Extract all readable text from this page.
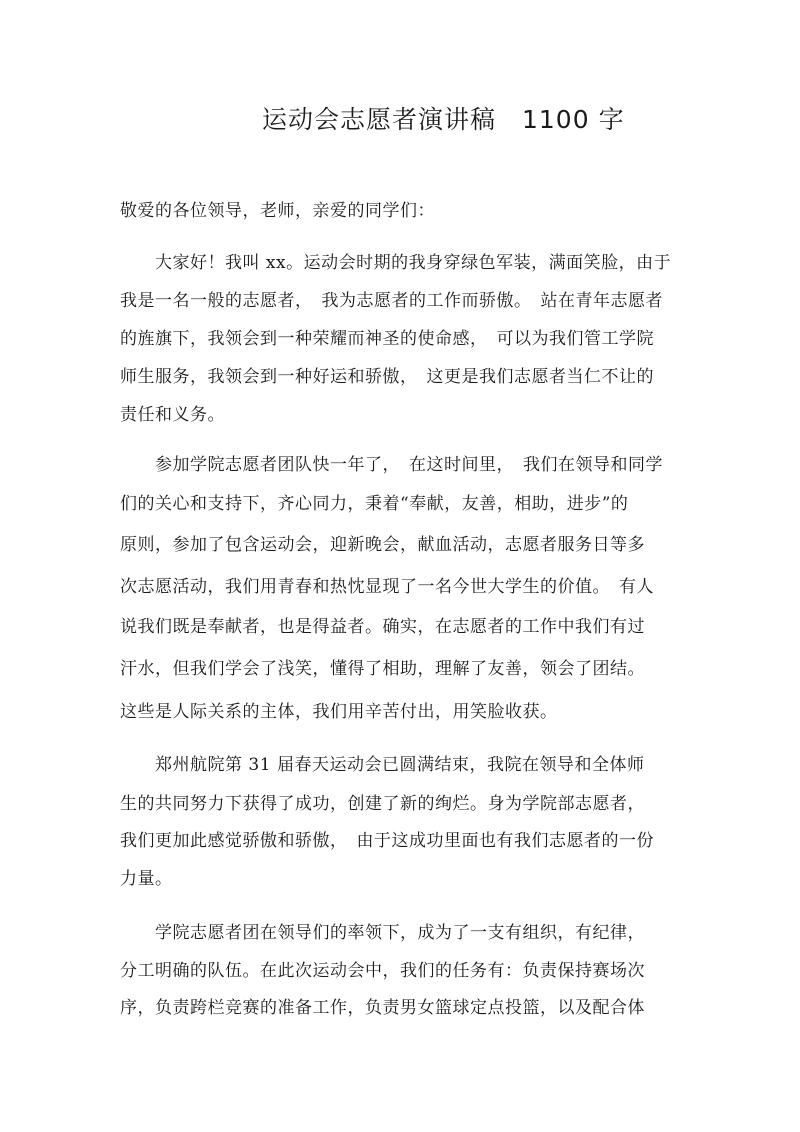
运动会志愿者演讲稿　1100 字
敬爱的各位领导，老师，亲爱的同学们：
大家好！我叫 xx。运动会时期的我身穿绿色军装，满面笑脸，由于
我是一名一般的志愿者，　我为志愿者的工作而骄傲。　站在青年志愿者
的旌旗下，我领会到一种荣耀而神圣的使命感，　可以为我们管工学院
师生服务，我领会到一种好运和骄傲，　这更是我们志愿者当仁不让的
责任和义务。
参加学院志愿者团队快一年了，　在这时间里，　我们在领导和同学
们的关心和支持下，齐心同力，秉着“奉献，友善，相助，进步”的
原则，参加了包含运动会，迎新晚会，献血活动，志愿者服务日等多
次志愿活动，我们用青春和热忱显现了一名今世大学生的价值。　有人
说我们既是奉献者，也是得益者。确实，在志愿者的工作中我们有过
汗水，但我们学会了浅笑，懂得了相助，理解了友善，领会了团结。
这些是人际关系的主体，我们用辛苦付出，用笑脸收获。
郑州航院第 31 届春天运动会已圆满结束，我院在领导和全体师
生的共同努力下获得了成功，创建了新的绚烂。身为学院部志愿者，
我们更加此感觉骄傲和骄傲，　由于这成功里面也有我们志愿者的一份
力量。
学院志愿者团在领导们的率领下，成为了一支有组织，有纪律，
分工明确的队伍。在此次运动会中，我们的任务有：负责保持赛场次
序，负责跨栏竞赛的准备工作，负责男女篮球定点投篮，以及配合体
